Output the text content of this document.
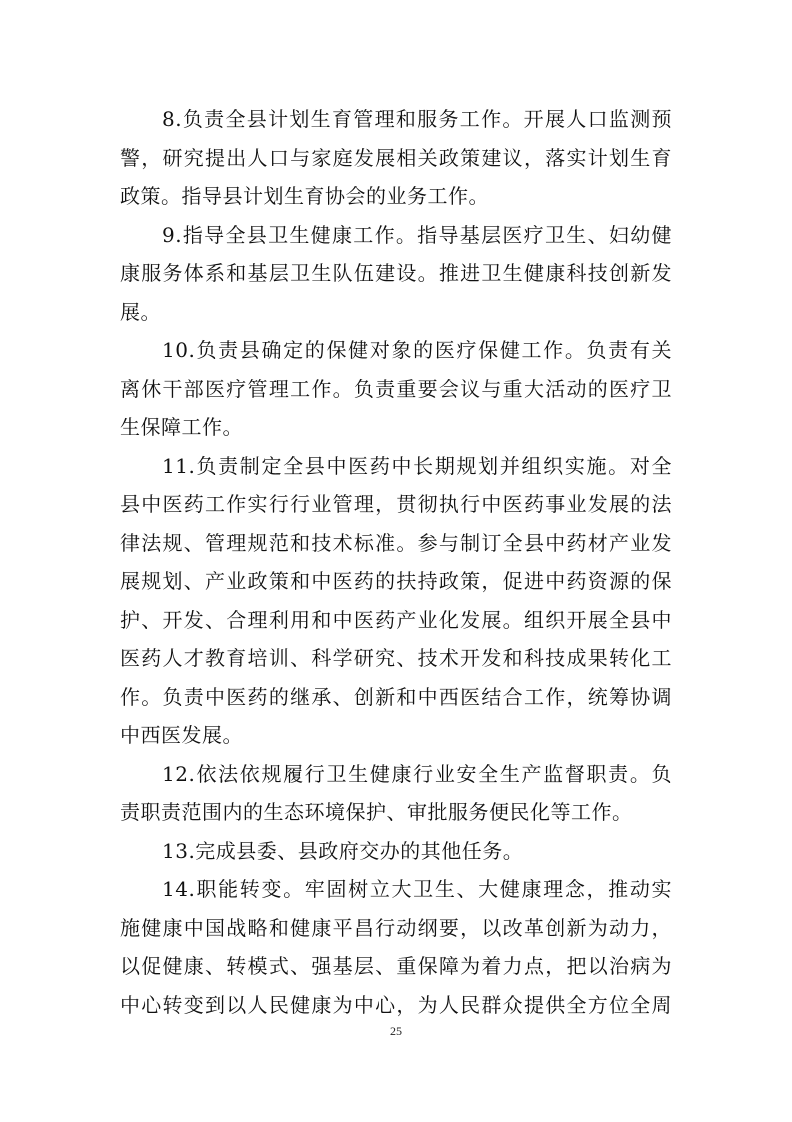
8.负责全县计划生育管理和服务工作。开展人口监测预
警，研究提出人口与家庭发展相关政策建议，落实计划生育
政策。指导县计划生育协会的业务工作。
9.指导全县卫生健康工作。指导基层医疗卫生、妇幼健
康服务体系和基层卫生队伍建设。推进卫生健康科技创新发
展。
10.负责县确定的保健对象的医疗保健工作。负责有关
离休干部医疗管理工作。负责重要会议与重大活动的医疗卫
生保障工作。
11.负责制定全县中医药中长期规划并组织实施。对全
县中医药工作实行行业管理，贯彻执行中医药事业发展的法
律法规、管理规范和技术标准。参与制订全县中药材产业发
展规划、产业政策和中医药的扶持政策，促进中药资源的保
护、开发、合理利用和中医药产业化发展。组织开展全县中
医药人才教育培训、科学研究、技术开发和科技成果转化工
作。负责中医药的继承、创新和中西医结合工作，统筹协调
中西医发展。
12.依法依规履行卫生健康行业安全生产监督职责。负
责职责范围内的生态环境保护、审批服务便民化等工作。
13.完成县委、县政府交办的其他任务。
14.职能转变。牢固树立大卫生、大健康理念，推动实
施健康中国战略和健康平昌行动纲要，以改革创新为动力，
以促健康、转模式、强基层、重保障为着力点，把以治病为
中心转变到以人民健康为中心，为人民群众提供全方位全周
25
